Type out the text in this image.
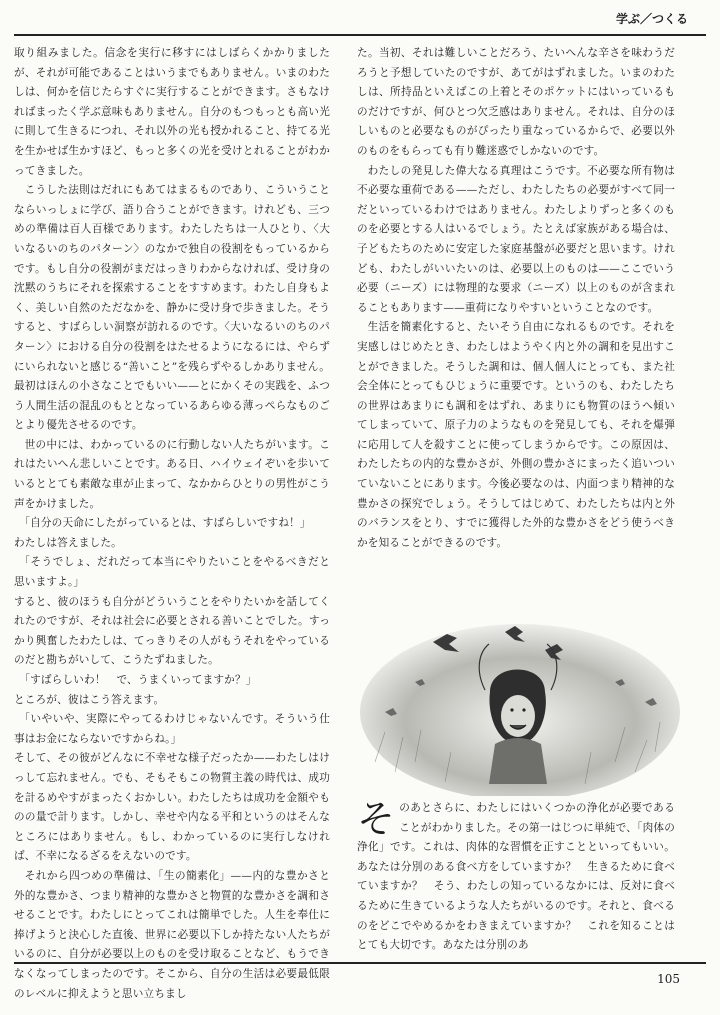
学ぶ／つくる

取り組みました。信念を実行に移すにはしばらくかかりましたが、それが可能であることはいうまでもありません。いまのわたしは、何かを信じたらすぐに実行することができます。さもなければまったく学ぶ意味もありません。自分のもつもっとも高い光に則して生きるにつれ、それ以外の光も授かれること、持てる光を生かせば生かすほど、もっと多くの光を受けとれることがわかってきました。

こうした法則はだれにもあてはまるものであり、こういうことならいっしょに学び、語り合うことができます。けれども、三つめの準備は百人百様であります。わたしたちは一人ひとり、〈大いなるいのちのパターン〉のなかで独自の役割をもっているからです。もし自分の役割がまだはっきりわからなければ、受け身の沈黙のうちにそれを探索することをすすめます。わたし自身もよく、美しい自然のただなかを、静かに受け身で歩きました。そうすると、すばらしい洞察が訪れるのです。〈大いなるいのちのパターン〉における自分の役割をはたせるようになるには、やらずにいられないと感じる“善いこと”を残らずやるしかありません。最初はほんの小さなことでもいい——とにかくその実践を、ふつう人間生活の混乱のもととなっているあらゆる薄っぺらなものごとより優先させるのです。

世の中には、わかっているのに行動しない人たちがいます。これはたいへん悲しいことです。ある日、ハイウェイぞいを歩いているととても素敵な車が止まって、なかからひとりの男性がこう声をかけました。

「自分の天命にしたがっているとは、すばらしいですね！」

わたしは答えました。

「そうでしょ、だれだって本当にやりたいことをやるべきだと思いますよ。」

すると、彼のほうも自分がどういうことをやりたいかを話してくれたのですが、それは社会に必要とされる善いことでした。すっかり興奮したわたしは、てっきりその人がもうそれをやっているのだと勘ちがいして、こうたずねました。

「すばらしいわ！　で、うまくいってますか？」

ところが、彼はこう答えます。

「いやいや、実際にやってるわけじゃないんです。そういう仕事はお金にならないですからね。」

そして、その彼がどんなに不幸せな様子だったか——わたしはけっして忘れません。でも、そもそもこの物質主義の時代は、成功を計るめやすがまったくおかしい。わたしたちは成功を金額やものの量で計ります。しかし、幸せや内なる平和というのはそんなところにはありません。もし、わかっているのに実行しなければ、不幸になるざるをえないのです。

それから四つめの準備は、「生の簡素化」——内的な豊かさと外的な豊かさ、つまり精神的な豊かさと物質的な豊かさを調和させることです。わたしにとってこれは簡単でした。人生を奉仕に捧げようと決心した直後、世界に必要以下しか持たない人たちがいるのに、自分が必要以上のものを受け取ることなど、もうできなくなってしまったのです。そこから、自分の生活は必要最低限のレベルに抑えようと思い立ちまし

た。当初、それは難しいことだろう、たいへんな辛さを味わうだろうと予想していたのですが、あてがはずれました。いまのわたしは、所持品といえばこの上着とそのポケットにはいっているものだけですが、何ひとつ欠乏感はありません。それは、自分のほしいものと必要なものがぴったり重なっているからで、必要以外のものをもらっても有り難迷惑でしかないのです。

わたしの発見した偉大なる真理はこうです。不必要な所有物は不必要な重荷である——ただし、わたしたちの必要がすべて同一だといっているわけではありません。わたしよりずっと多くのものを必要とする人はいるでしょう。たとえば家族がある場合は、子どもたちのために安定した家庭基盤が必要だと思います。けれども、わたしがいいたいのは、必要以上のものは——ここでいう必要（ニーズ）には物理的な要求（ニーズ）以上のものが含まれることもあります——重荷になりやすいということなのです。

生活を簡素化すると、たいそう自由になれるものです。それを実感しはじめたとき、わたしはようやく内と外の調和を見出すことができました。そうした調和は、個人個人にとっても、また社会全体にとってもひじょうに重要です。というのも、わたしたちの世界はあまりにも調和をはずれ、あまりにも物質のほうへ傾いてしまっていて、原子力のようなものを発見しても、それを爆弾に応用して人を殺すことに使ってしまうからです。この原因は、わたしたちの内的な豊かさが、外側の豊かさにまったく追いついていないことにあります。今後必要なのは、内面つまり精神的な豊かさの探究でしょう。そうしてはじめて、わたしたちは内と外のバランスをとり、すでに獲得した外的な豊かさをどう使うべきかを知ることができるのです。

そ のあとさらに、わたしにはいくつかの浄化が必要であることがわかりました。その第一はじつに単純で、「肉体の浄化」です。これは、肉体的な習慣を正すことといってもいい。あなたは分別のある食べ方をしていますか？　生きるために食べていますか？　そう、わたしの知っているなかには、反対に食べるために生きているような人たちがいるのです。それと、食べるのをどこでやめるかをわきまえていますか？　これを知ることはとても大切です。あなたは分別のあ
105
